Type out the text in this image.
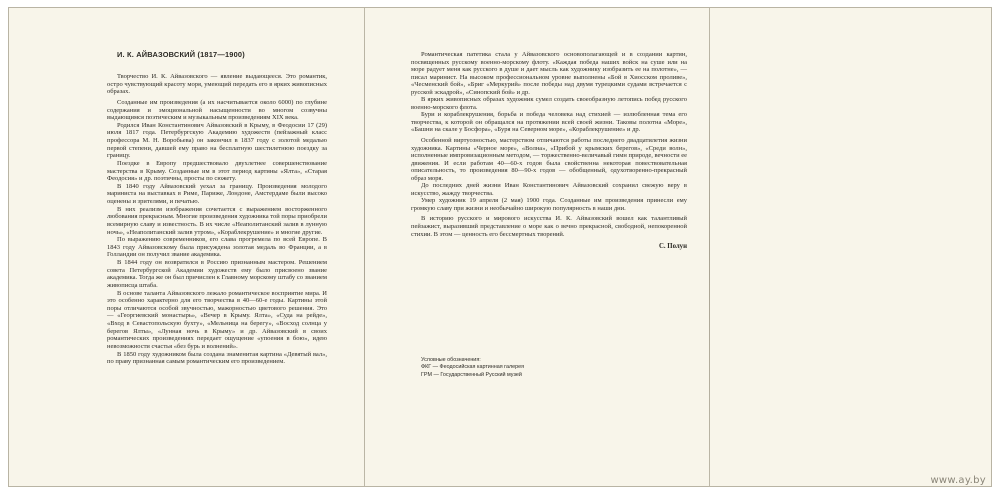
И. К. АЙВАЗОВСКИЙ (1817—1900)

Творчество И. К. Айвазовского — явление выдающееся. Это романтик, остро чувствующий красоту моря, умеющий передать его в ярких живописных образах.

Созданные им произведения (а их насчитывается около 6000) по глубине содержания и эмоциональной насыщенности во многом созвучны выдающимся поэтическим и музыкальным произведениям XIX века.

Родился Иван Константинович Айвазовский в Крыму, в Феодосии 17 (29) июля 1817 года. Петербургскую Академию художеств (пейзажный класс профессора М. Н. Воробьева) он закончил в 1837 году с золотой медалью первой степени, давшей ему право на бесплатную шестилетнюю поездку за границу.

Поездке в Европу предшествовало двухлетнее совершенствование мастерства в Крыму. Созданные им в этот период картины «Ялта», «Старая Феодосия» и др. поэтичны, просты по сюжету.

В 1840 году Айвазовский уехал за границу. Произведения молодого мариниста на выставках в Риме, Париже, Лондоне, Амстердаме были высоко оценены и зрителями, и печатью.

В них реализм изображения сочетается с выражением восторженного любования прекрасным. Многие произведения художника той поры приобрели всемирную славу и известность. В их числе «Неаполитанский залив в лунную ночь», «Неаполитанский залив утром», «Кораблекрушение» и многие другие.

По выражению современников, его слава прогремела по всей Европе. В 1843 году Айвазовскому была присуждена золотая медаль во Франции, а в Голландии он получил звание академика.

В 1844 году он возвратился в Россию признанным мастером. Решением совета Петербургской Академии художеств ему было присвоено звание академика. Тогда же он был причислен к Главному морскому штабу со званием живописца штаба.

В основе таланта Айвазовского лежало романтическое восприятие мира. И это особенно характерно для его творчества в 40—60-е годы. Картины этой поры отличаются особой звучностью, мажорностью цветового решения. Это — «Георгиевский монастырь», «Вечер в Крыму. Ялта», «Суда на рейде», «Вход в Севастопольскую бухту», «Мельница на берегу», «Восход солнца у берегов Ялты», «Лунная ночь в Крыму» и др. Айвазовский в своих романтических произведениях передает ощущение «упоения в бою», идею невозможности счастья «без бурь и волнений».

В 1850 году художником была создана знаменитая картина «Девятый вал», по праву признанная самым романтическим его произведением.

Романтическая патетика стала у Айвазовского основополагающей и в создании картин, посвященных русскому военно-морскому флоту. «Каждая победа наших войск на суше или на море радует меня как русского в душе и дает мысль как художнику изобразить ее на полотне», — писал маринист. На высоком профессиональном уровне выполнены «Бой в Хиосском проливе», «Чесменский бой», «Бриг «Меркурий» после победы над двумя турецкими судами встречается с русской эскадрой», «Синопский бой» и др.

В ярких живописных образах художник сумел создать своеобразную летопись побед русского военно-морского флота.

Бури и кораблекрушения, борьба и победа человека над стихией — излюбленная тема его творчества, к которой он обращался на протяжении всей своей жизни. Таковы полотна «Море», «Башни на скале у Босфора», «Буря на Северном море», «Кораблекрушение» и др.

Особенной виртуозностью, мастерством отличаются работы последнего двадцатилетия жизни художника. Картины «Черное море», «Волна», «Прибой у крымских берегов», «Среди волн», исполненные импровизационным методом, — торжественно-величавый гимн природе, вечности ее движения. И если работам 40—60-х годов была свойственна некоторая повествовательная описательность, то произведения 80—90-х годов — обобщенный, одухотворенно-прекрасный образ моря.

До последних дней жизни Иван Константинович Айвазовский сохранил свежую веру в искусство, жажду творчества.

Умер художник 19 апреля (2 мая) 1900 года. Созданные им произведения принесли ему громкую славу при жизни и необычайно широкую популярность в наши дни.

В историю русского и мирового искусства И. К. Айвазовский вошел как талантливый пейзажист, выразивший представление о море как о вечно прекрасной, свободной, непокоренной стихии. В этом — ценность его бессмертных творений.

С. Полун
Условные обозначения:
ФКГ — Феодосийская картинная галерея
ГРМ — Государственный Русский музей
www.ay.by
